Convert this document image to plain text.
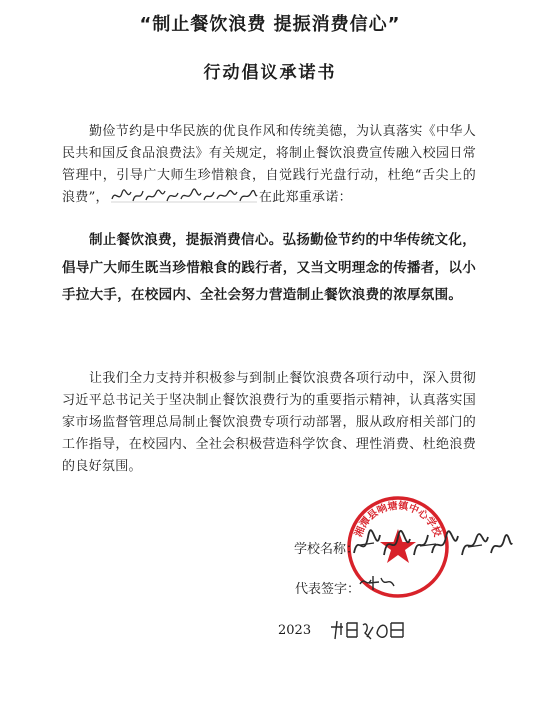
“制止餐饮浪费 提振消费信心”
行动倡议承诺书
勤俭节约是中华民族的优良作风和传统美德，为认真落实《中华人民共和国反食品浪费法》有关规定，将制止餐饮浪费宣传融入校园日常管理中，引导广大师生珍惜粮食，自觉践行光盘行动，杜绝“舌尖上的浪费”，	在此郑重承诺：
制止餐饮浪费，提振消费信心。弘扬勤俭节约的中华传统文化，倡导广大师生既当珍惜粮食的践行者，又当文明理念的传播者，以小手拉大手，在校园内、全社会努力营造制止餐饮浪费的浓厚氛围。
让我们全力支持并积极参与到制止餐饮浪费各项行动中，深入贯彻习近平总书记关于坚决制止餐饮浪费行为的重要指示精神，认真落实国家市场监督管理总局制止餐饮浪费专项行动部署，服从政府相关部门的工作指导，在校园内、全社会积极营造科学饮食、理性消费、杜绝浪费的良好氛围。
湘潭县响塘镇中心学校
学校名称：
代表签字：
2023
